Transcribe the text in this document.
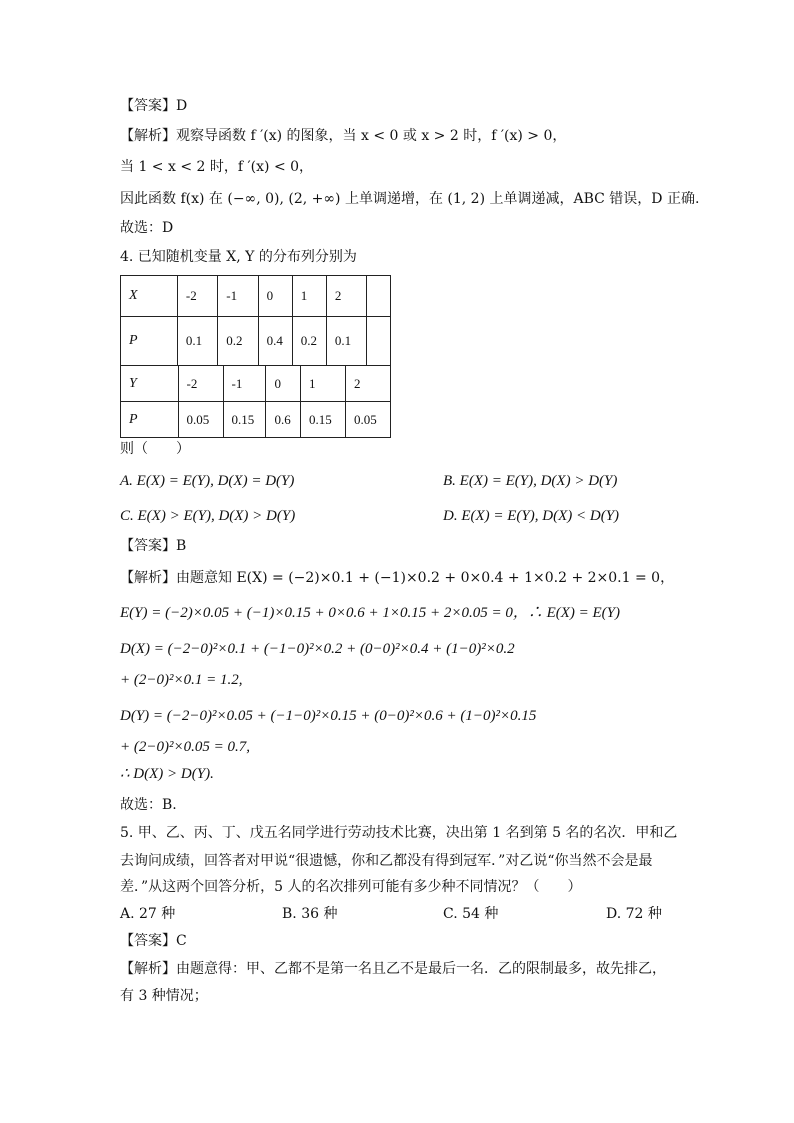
【答案】D
【解析】观察导函数 f ′(x) 的图象，当 x < 0 或 x > 2 时，f ′(x) > 0，
当 1 < x < 2 时，f ′(x) < 0，
因此函数 f(x) 在 (−∞, 0), (2, +∞) 上单调递增，在 (1, 2) 上单调递减，ABC 错误，D 正确.
故选：D
4. 已知随机变量 X, Y 的分布列分别为
X	-2	-1	0	1	2	
P	0.1	0.2	0.4	0.2	0.1	
Y	-2	-1	0	1	2
P	0.05	0.15	0.6	0.15	0.05
则（　　）
A. E(X) = E(Y), D(X) = D(Y)	B. E(X) = E(Y), D(X) > D(Y)
C. E(X) > E(Y), D(X) > D(Y)	D. E(X) = E(Y), D(X) < D(Y)
【答案】B
【解析】由题意知 E(X) = (−2)×0.1 + (−1)×0.2 + 0×0.4 + 1×0.2 + 2×0.1 = 0，
E(Y) = (−2)×0.05 + (−1)×0.15 + 0×0.6 + 1×0.15 + 2×0.05 = 0，∴ E(X) = E(Y)
D(X) = (−2−0)²×0.1 + (−1−0)²×0.2 + (0−0)²×0.4 + (1−0)²×0.2
+ (2−0)²×0.1 = 1.2,
D(Y) = (−2−0)²×0.05 + (−1−0)²×0.15 + (0−0)²×0.6 + (1−0)²×0.15
+ (2−0)²×0.05 = 0.7,
∴ D(X) > D(Y).
故选：B.
5. 甲、乙、丙、丁、戊五名同学进行劳动技术比赛，决出第 1 名到第 5 名的名次．甲和乙
去询问成绩，回答者对甲说“很遗憾，你和乙都没有得到冠军．”对乙说“你当然不会是最
差．”从这两个回答分析，5 人的名次排列可能有多少种不同情况？（　　）
A. 27 种	B. 36 种	C. 54 种	D. 72 种
【答案】C
【解析】由题意得：甲、乙都不是第一名且乙不是最后一名．乙的限制最多，故先排乙，
有 3 种情况；
